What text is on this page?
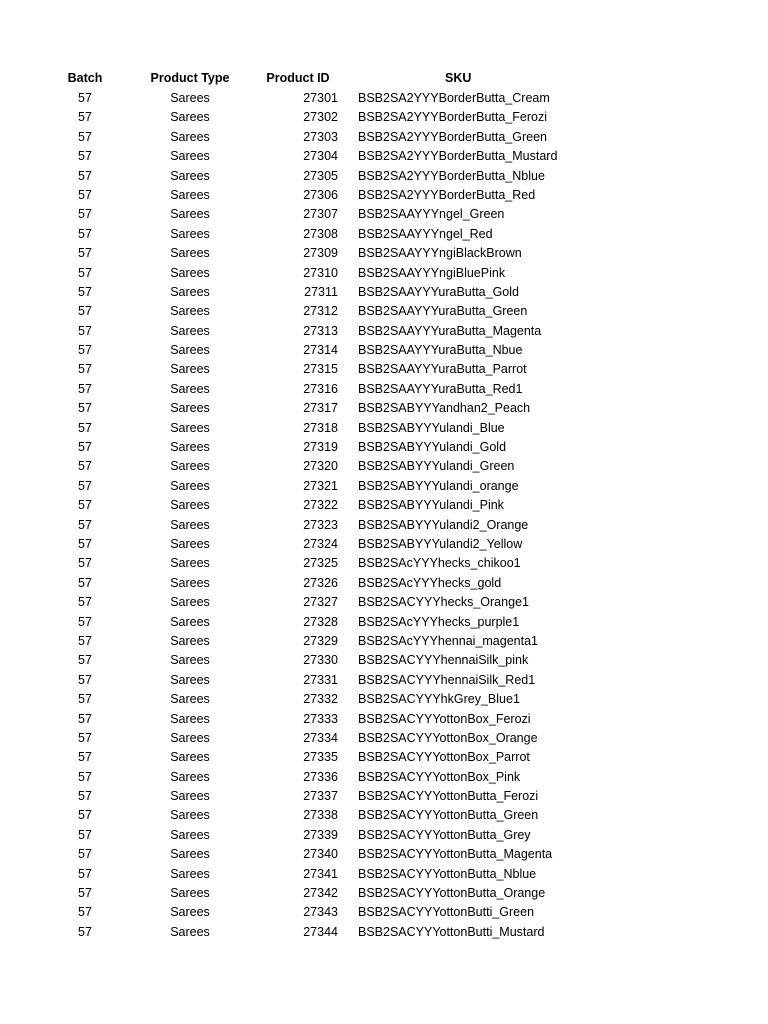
Batch	Product Type	Product ID	SKU
57	Sarees	27301 BSB2SA2YYYBorderButta_Cream
57	Sarees	27302 BSB2SA2YYYBorderButta_Ferozi
57	Sarees	27303 BSB2SA2YYYBorderButta_Green
57	Sarees	27304 BSB2SA2YYYBorderButta_Mustard
57	Sarees	27305 BSB2SA2YYYBorderButta_Nblue
57	Sarees	27306 BSB2SA2YYYBorderButta_Red
57	Sarees	27307 BSB2SAAYYYngel_Green
57	Sarees	27308 BSB2SAAYYYngel_Red
57	Sarees	27309 BSB2SAAYYYngiBlackBrown
57	Sarees	27310 BSB2SAAYYYngiBluePink
57	Sarees	27311 BSB2SAAYYYuraButta_Gold
57	Sarees	27312 BSB2SAAYYYuraButta_Green
57	Sarees	27313 BSB2SAAYYYuraButta_Magenta
57	Sarees	27314 BSB2SAAYYYuraButta_Nbue
57	Sarees	27315 BSB2SAAYYYuraButta_Parrot
57	Sarees	27316 BSB2SAAYYYuraButta_Red1
57	Sarees	27317 BSB2SABYYYandhan2_Peach
57	Sarees	27318 BSB2SABYYYulandi_Blue
57	Sarees	27319 BSB2SABYYYulandi_Gold
57	Sarees	27320 BSB2SABYYYulandi_Green
57	Sarees	27321 BSB2SABYYYulandi_orange
57	Sarees	27322 BSB2SABYYYulandi_Pink
57	Sarees	27323 BSB2SABYYYulandi2_Orange
57	Sarees	27324 BSB2SABYYYulandi2_Yellow
57	Sarees	27325 BSB2SAcYYYhecks_chikoo1
57	Sarees	27326 BSB2SAcYYYhecks_gold
57	Sarees	27327 BSB2SACYYYhecks_Orange1
57	Sarees	27328 BSB2SAcYYYhecks_purple1
57	Sarees	27329 BSB2SAcYYYhennai_magenta1
57	Sarees	27330 BSB2SACYYYhennaiSilk_pink
57	Sarees	27331 BSB2SACYYYhennaiSilk_Red1
57	Sarees	27332 BSB2SACYYYhkGrey_Blue1
57	Sarees	27333 BSB2SACYYYottonBox_Ferozi
57	Sarees	27334 BSB2SACYYYottonBox_Orange
57	Sarees	27335 BSB2SACYYYottonBox_Parrot
57	Sarees	27336 BSB2SACYYYottonBox_Pink
57	Sarees	27337 BSB2SACYYYottonButta_Ferozi
57	Sarees	27338 BSB2SACYYYottonButta_Green
57	Sarees	27339 BSB2SACYYYottonButta_Grey
57	Sarees	27340 BSB2SACYYYottonButta_Magenta
57	Sarees	27341 BSB2SACYYYottonButta_Nblue
57	Sarees	27342 BSB2SACYYYottonButta_Orange
57	Sarees	27343 BSB2SACYYYottonButti_Green
57	Sarees	27344 BSB2SACYYYottonButti_Mustard
